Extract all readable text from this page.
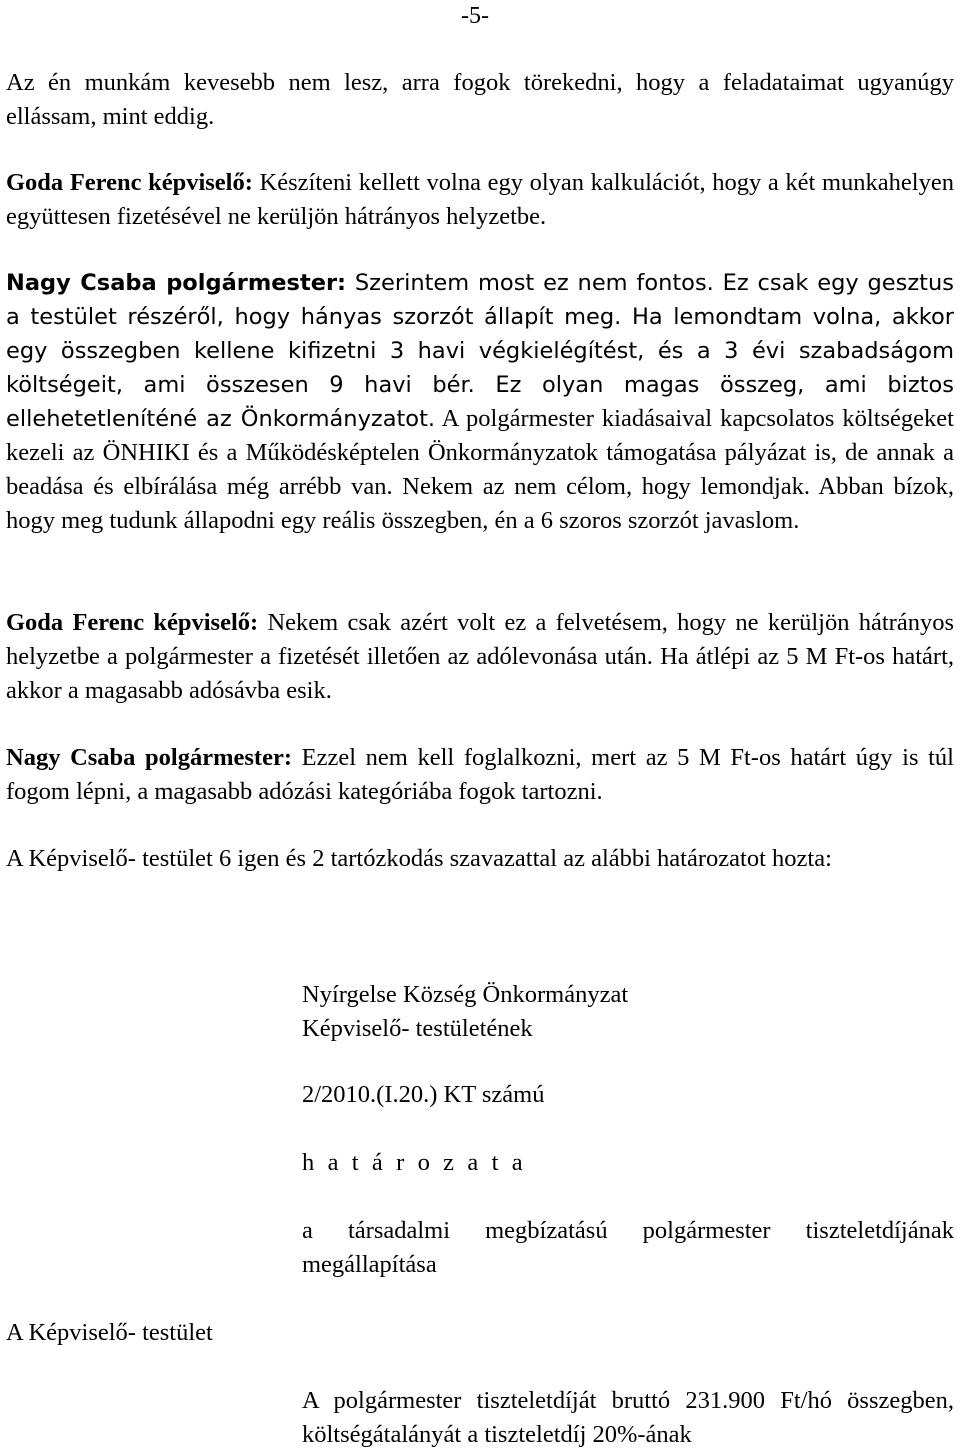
-5-

Az én munkám kevesebb nem lesz, arra fogok törekedni, hogy a feladataimat ugyanúgy ellássam, mint eddig.

Goda Ferenc képviselő: Készíteni kellett volna egy olyan kalkulációt, hogy a két munkahelyen együttesen fizetésével ne kerüljön hátrányos helyzetbe.

Nagy Csaba polgármester: Szerintem most ez nem fontos. Ez csak egy gesztus a testület részéről, hogy hányas szorzót állapít meg. Ha lemondtam volna, akkor egy összegben kellene kifizetni 3 havi végkielégítést, és a 3 évi szabadságom költségeit, ami összesen 9 havi bér. Ez olyan magas összeg, ami biztos ellehetetleníténé az Önkormányzatot. A polgármester kiadásaival kapcsolatos költségeket kezeli az ÖNHIKI és a Működésképtelen Önkormányzatok támogatása pályázat is, de annak a beadása és elbírálása még arrébb van. Nekem az nem célom, hogy lemondjak. Abban bízok, hogy meg tudunk állapodni egy reális összegben, én a 6 szoros szorzót javaslom.

Goda Ferenc képviselő: Nekem csak azért volt ez a felvetésem, hogy ne kerüljön hátrányos helyzetbe a polgármester a fizetését illetően az adólevonása után. Ha átlépi az 5 M Ft-os határt, akkor a magasabb adósávba esik.

Nagy Csaba polgármester: Ezzel nem kell foglalkozni, mert az 5 M Ft-os határt úgy is túl fogom lépni, a magasabb adózási kategóriába fogok tartozni.

A Képviselő- testület 6 igen és 2 tartózkodás szavazattal az alábbi határozatot hozta:

Nyírgelse Község Önkormányzat
Képviselő- testületének
2/2010.(I.20.) KT számú
h a t á r o z a t a
a társadalmi megbízatású polgármester tiszteletdíjának megállapítása
A Képviselő- testület
A polgármester tiszteletdíját bruttó 231.900 Ft/hó összegben, költségátalányát a tiszteletdíj 20%-ának
